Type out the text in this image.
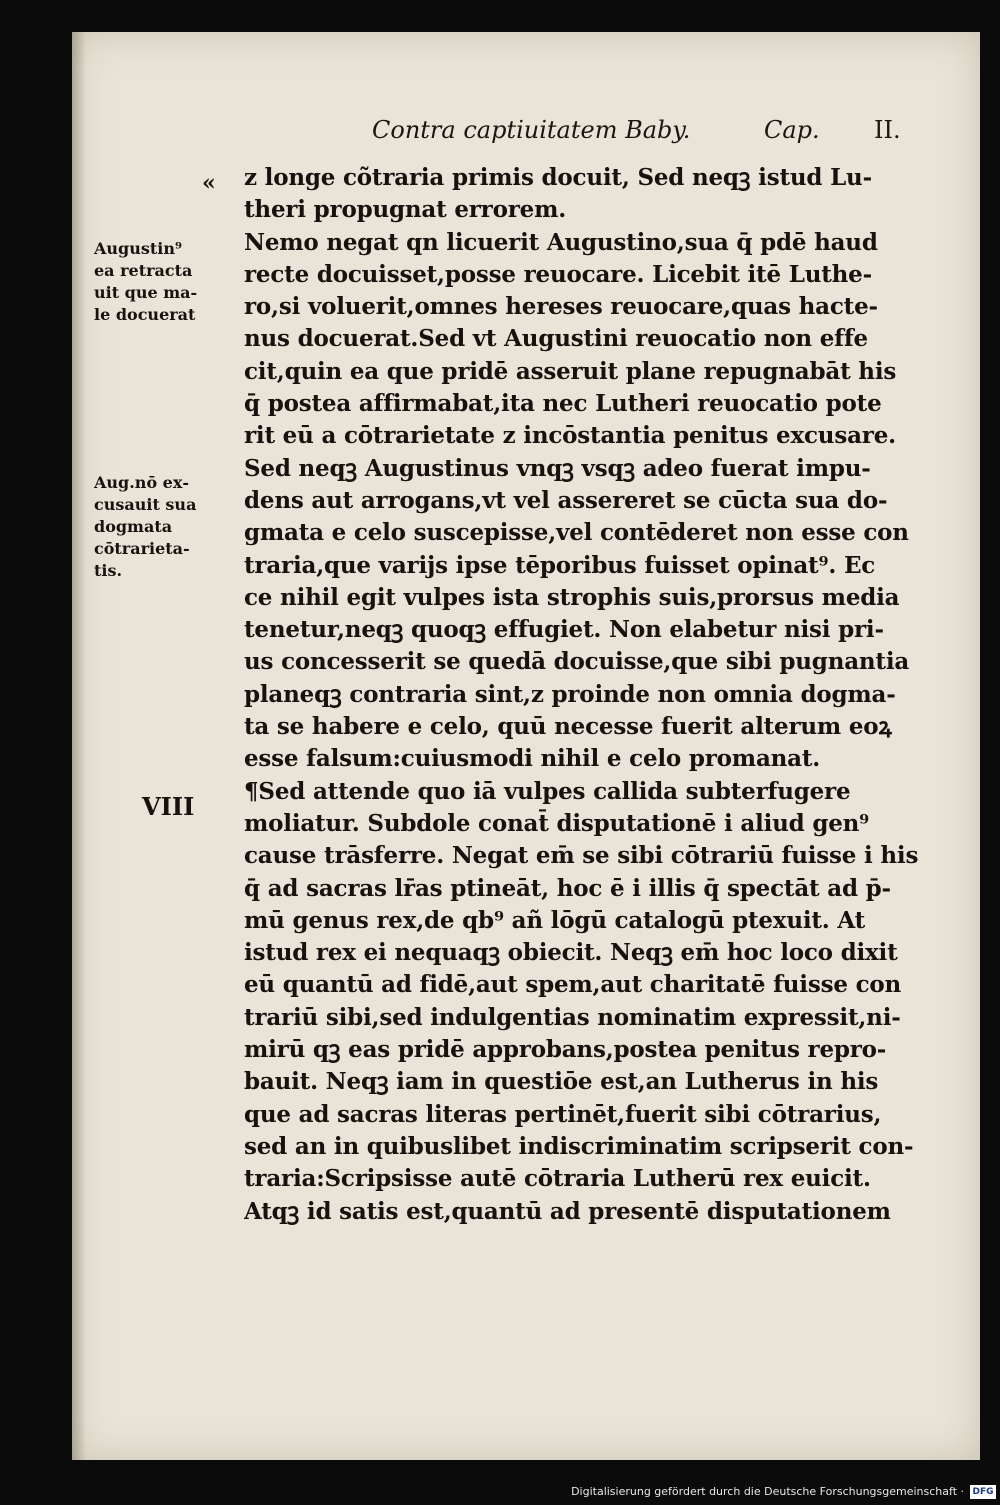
Contra captiuitatem Baby.	Cap. II.
«
VIII
Augustin⁹
ea retracta
uit que ma‑
le docuerat
Aug.nō ex‑
cusauit sua
dogmata
cōtrarieta‑
tis.
z longe cõtraria primis docuit, Sed neqꝫ istud Lu‑
theri propugnat errorem.
Nemo negat qn licuerit Augustino,sua q̄ pdē haud
recte docuisset,posse reuocare. Licebit itē Luthe‑
ro,si voluerit,omnes hereses reuocare,quas hacte‑
nus docuerat.Sed vt Augustini reuocatio non effe
cit,quin ea que pridē asseruit plane repugnabāt his
q̄ postea affirmabat,ita nec Lutheri reuocatio pote
rit eū a cōtrarietate z incōstantia penitus excusare.
Sed neqꝫ Augustinus vnqꝫ vsqꝫ adeo fuerat impu‑
dens aut arrogans,vt vel assereret se cūcta sua do‑
gmata e celo suscepisse,vel contēderet non esse con
traria,que varijs ipse tēporibus fuisset opinat⁹. Ec
ce nihil egit vulpes ista strophis suis,prorsus media
tenetur,neqꝫ quoqꝫ effugiet. Non elabetur nisi pri‑
us concesserit se quedā docuisse,que sibi pugnantia
planeqꝫ contraria sint,z proinde non omnia dogma‑
ta se habere e celo, quū necesse fuerit alterum eoꝝ
esse falsum:cuiusmodi nihil e celo promanat.
¶Sed attende quo iā vulpes callida subterfugere
moliatur. Subdole conat̄ disputationē i aliud gen⁹
cause trāsferre. Negat em̄ se sibi cōtrariū fuisse i his
q̄ ad sacras lr̄as ptineāt, hoc ē i illis q̄ spectāt ad p̄‑
mū genus rex,de qb⁹ añ lōgū catalogū ptexuit. At
istud rex ei nequaqꝫ obiecit. Neqꝫ em̄ hoc loco dixit
eū quantū ad fidē,aut spem,aut charitatē fuisse con
trariū sibi,sed indulgentias nominatim expressit,ni‑
mirū qꝫ eas pridē approbans,postea penitus repro‑
bauit. Neqꝫ iam in questiōe est,an Lutherus in his
que ad sacras literas pertinēt,fuerit sibi cōtrarius,
sed an in quibuslibet indiscriminatim scripserit con‑
traria:Scripsisse autē cōtraria Lutherū rex euicit.
Atqꝫ id satis est,quantū ad presentē disputationem
Digitalisierung gefördert durch die Deutsche Forschungsgemeinschaft · DFG
